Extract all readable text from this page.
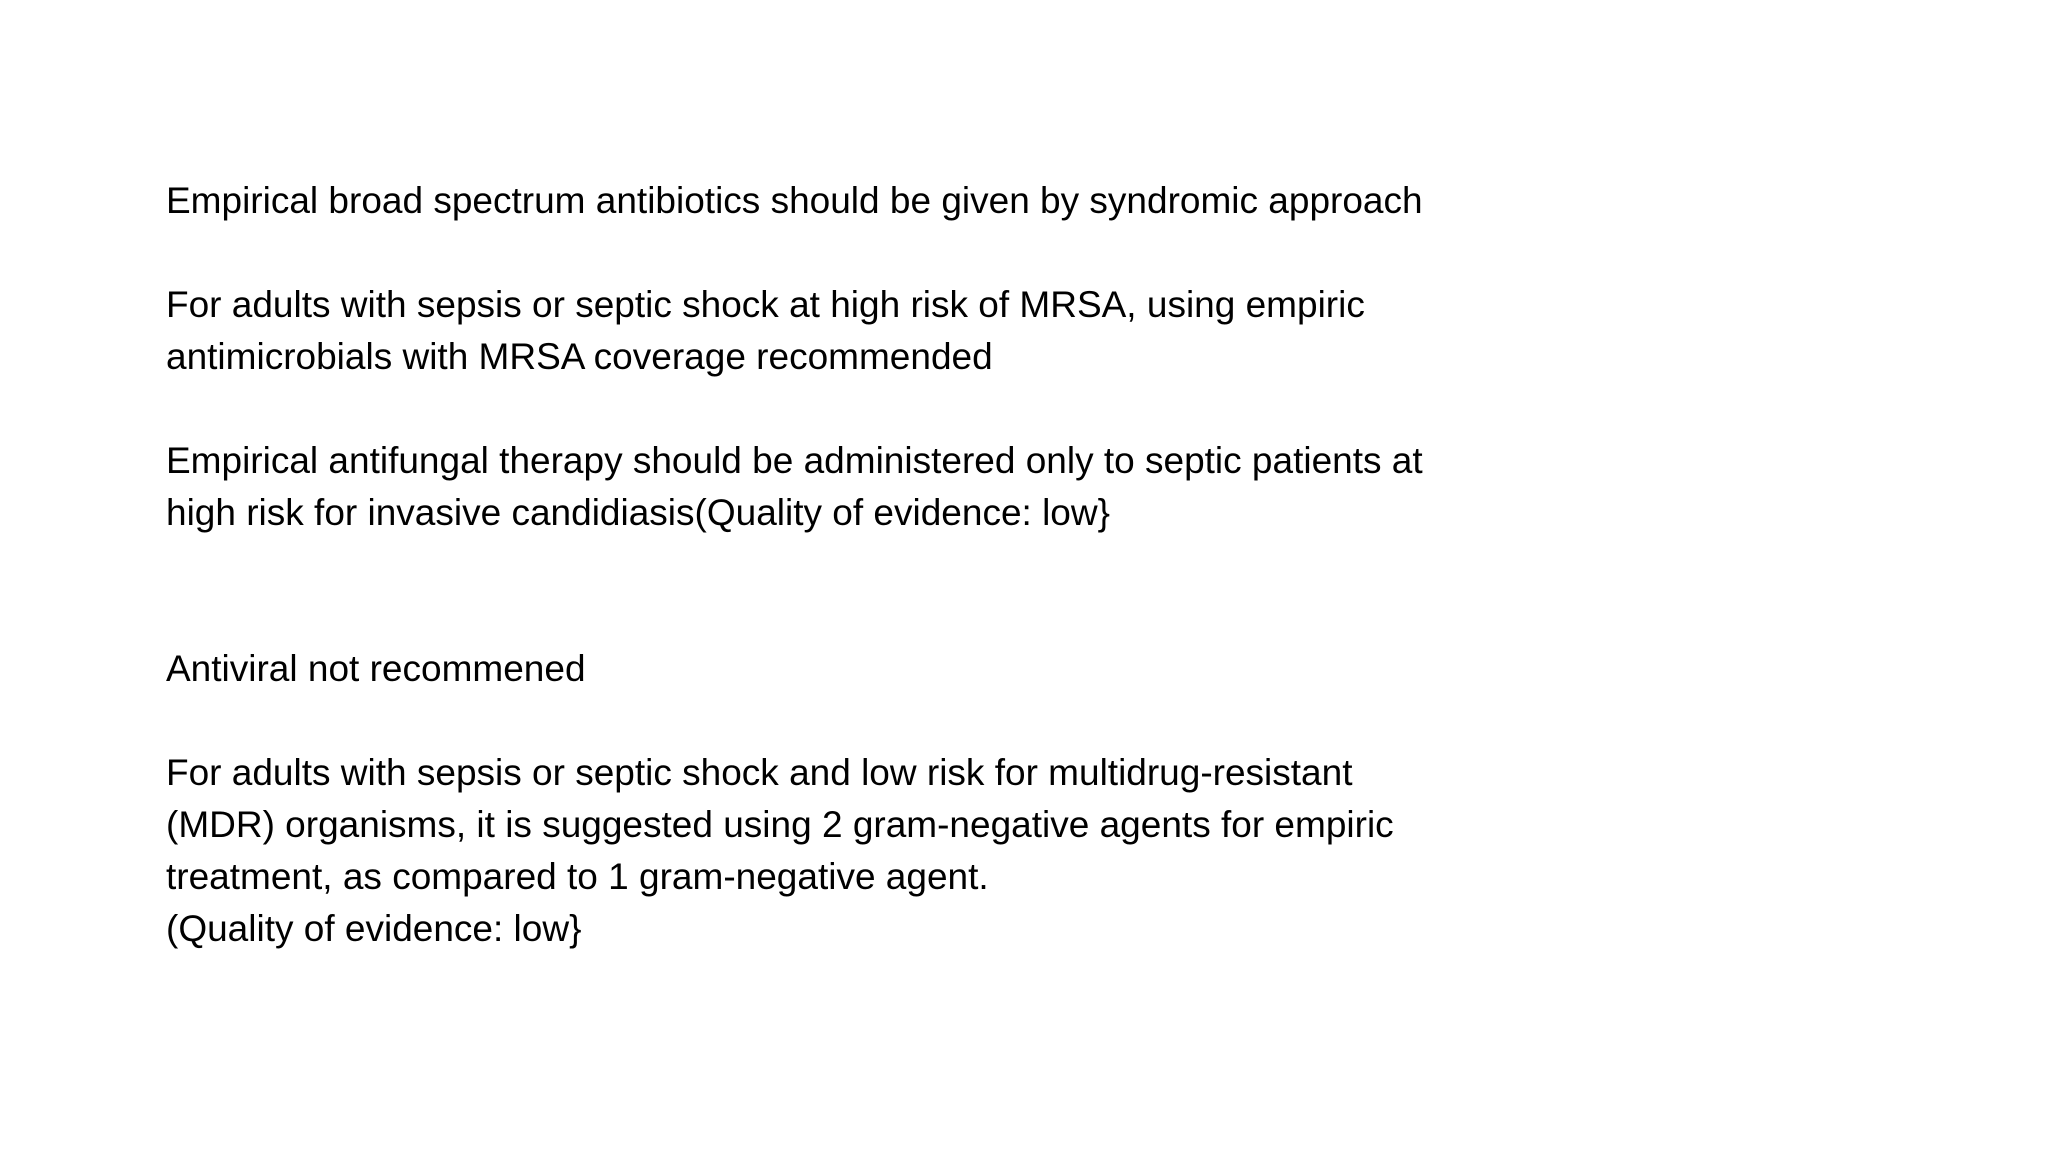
Empirical broad spectrum antibiotics should be given by syndromic approach

For adults with sepsis or septic shock at high risk of MRSA, using empiric
antimicrobials with MRSA coverage recommended

Empirical antifungal therapy should be administered only to septic patients at
high risk for invasive candidiasis(Quality of evidence: low}

Antiviral not recommened

For adults with sepsis or septic shock and low risk for multidrug-resistant
(MDR) organisms, it is suggested using 2 gram-negative agents for empiric
treatment, as compared to 1 gram-negative agent.
(Quality of evidence: low}
